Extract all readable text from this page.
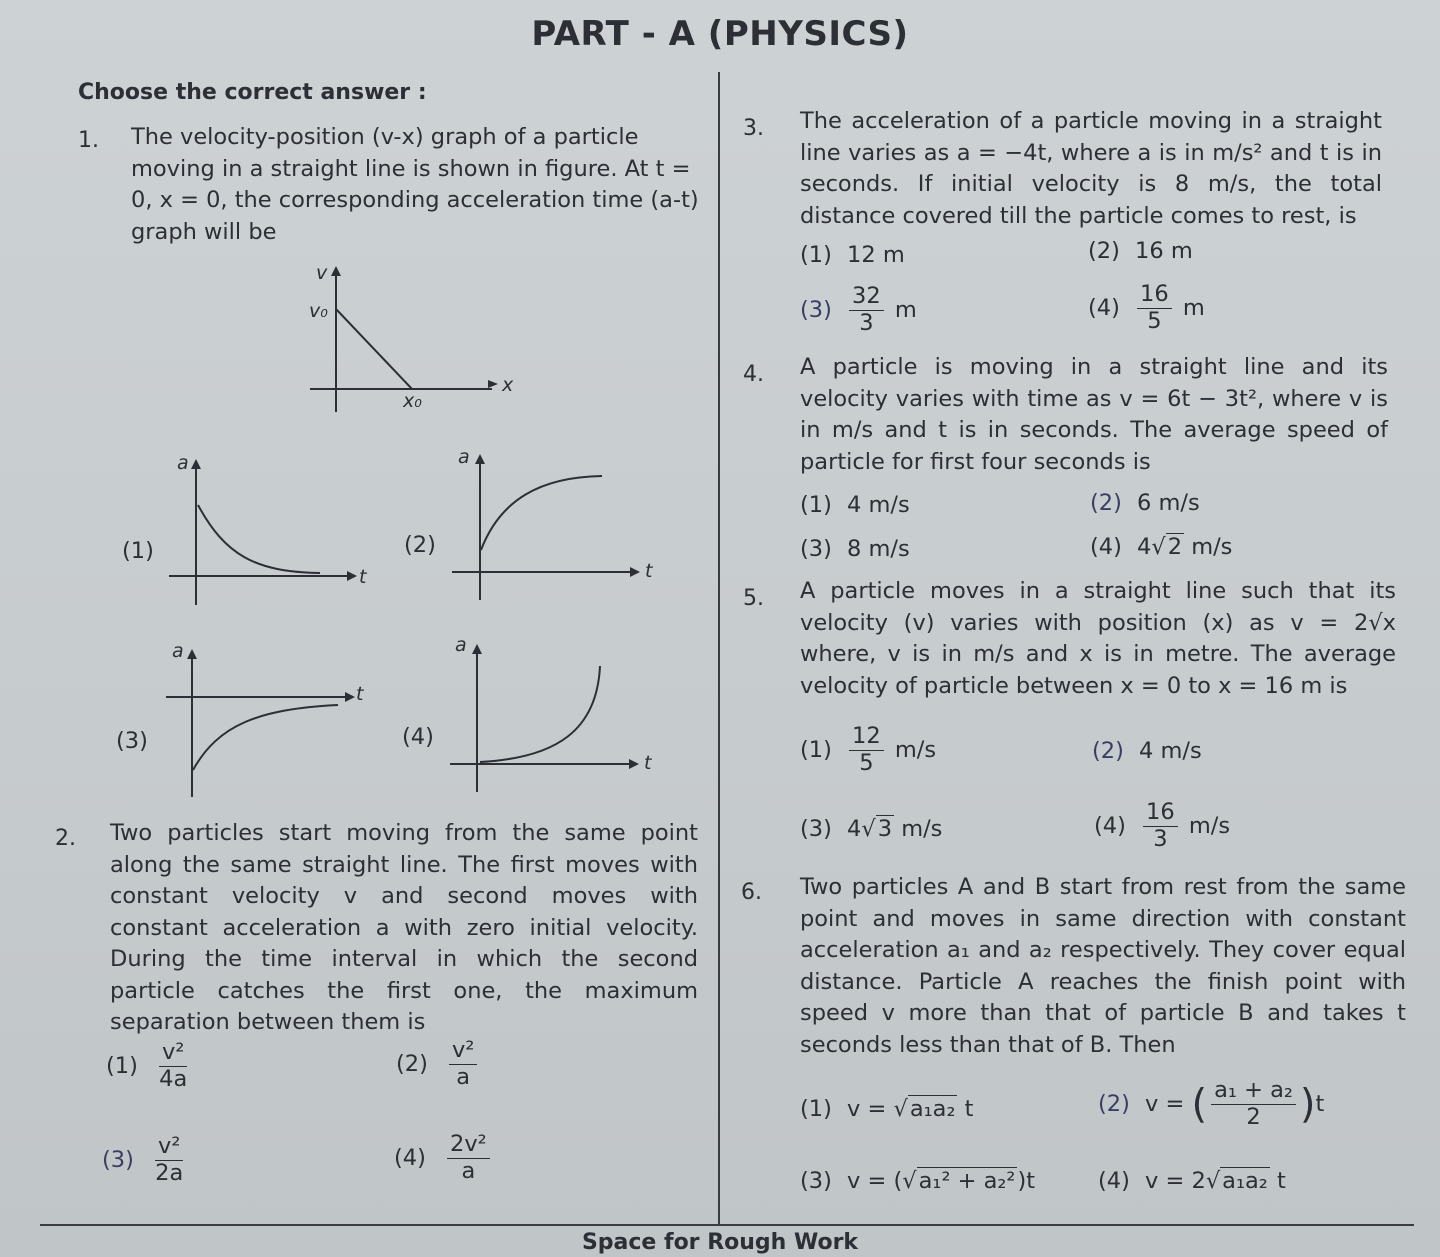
PART - A (PHYSICS)
Space for Rough Work
Choose the correct answer :
1. The velocity-position (v-x) graph of a particle moving in a straight line is shown in figure. At t = 0, x = 0, the corresponding acceleration time (a-t) graph will be
v
x
v₀
x₀
(1)
a
t
(2)
a
t
(3)
a
t
(4)
a
t
2. Two particles start moving from the same point along the same straight line. The first moves with constant velocity v and second moves with constant acceleration a with zero initial velocity. During the time interval in which the second particle catches the first one, the maximum separation between them is
$(1) \frac{\text{v²}}{4a}$	$(2) \frac{\text{v²}}{a}$
$(3) \frac{\text{v²}}{2a}$	$(4) \frac{\text{2v²}}{a}$
3. The acceleration of a particle moving in a straight line varies as a = −4t, where a is in m/s² and t is in seconds. If initial velocity is 8 m/s, the total distance covered till the particle comes to rest, is
(1) 12 m	(2) 16 m
$(3) \frac{32}{3}$ m	$(4) \frac{16}{5}$ m
4. A particle is moving in a straight line and its velocity varies with time as v = 6t − 3t², where v is in m/s and t is in seconds. The average speed of particle for first four seconds is
(1) 4 m/s	(2) 6 m/s
(3) 8 m/s	(4) 4√2 m/s
5. A particle moves in a straight line such that its velocity (v) varies with position (x) as v = 2√x where, v is in m/s and x is in metre. The average velocity of particle between x = 0 to x = 16 m is
$(1) \frac{12}{5} m/s$	(2) 4 m/s
(3) 4√3 m/s	$(4) \frac{16}{3} m/s$
6. Two particles A and B start from rest from the same point and moves in same direction with constant acceleration a₁ and a₂ respectively. They cover equal distance. Particle A reaches the finish point with speed v more than that of particle B and takes t seconds less than that of B. Then
(1) v = √a₁a₂ t	(2) v = ( $\frac{\text{a₁ + a₂}}{2} )t$
(3) v = (√a₁² + a₂²)t	(4) v = 2√a₁a₂ t
